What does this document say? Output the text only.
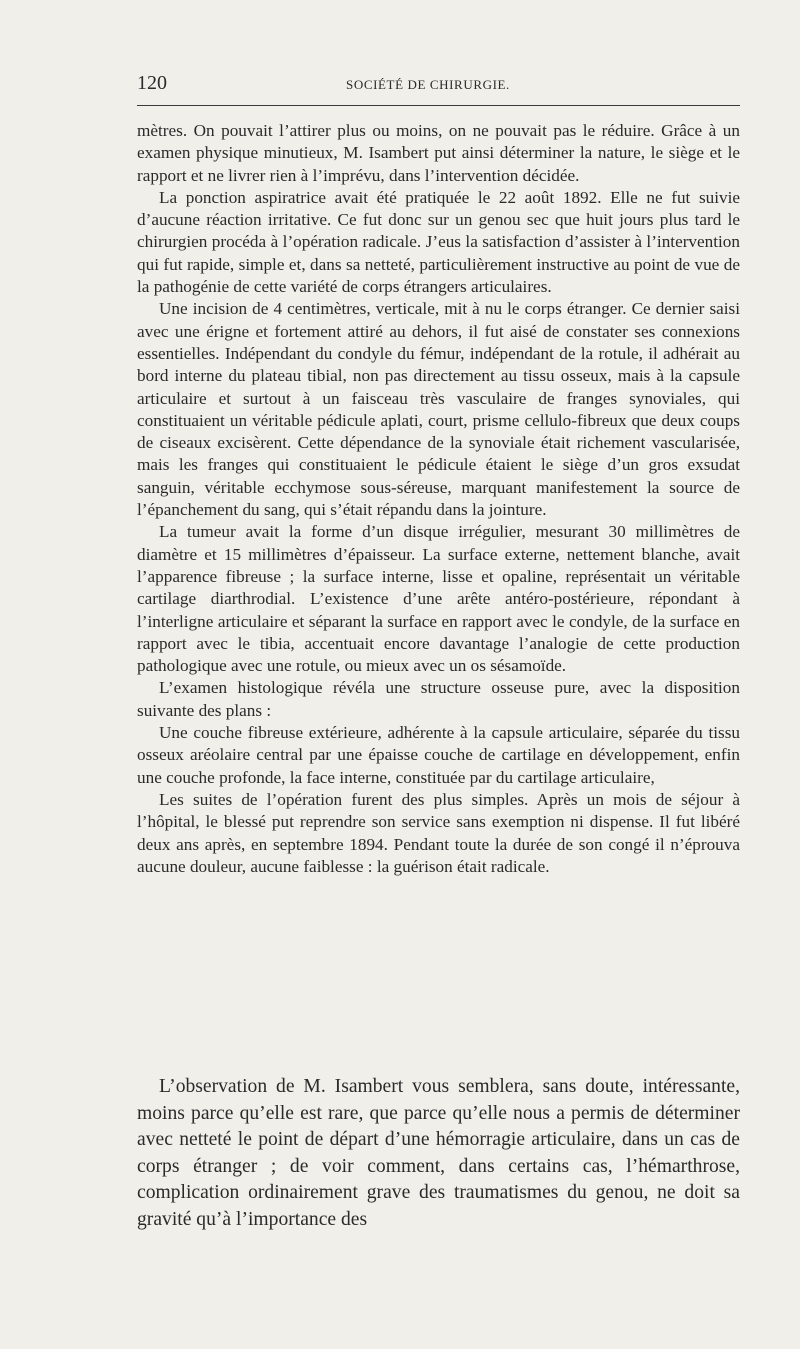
120	SOCIÉTÉ DE CHIRURGIE.

mètres. On pouvait l’attirer plus ou moins, on ne pouvait pas le réduire. Grâce à un examen physique minutieux, M. Isambert put ainsi déterminer la nature, le siège et le rapport et ne livrer rien à l’imprévu, dans l’intervention décidée.

La ponction aspiratrice avait été pratiquée le 22 août 1892. Elle ne fut suivie d’aucune réaction irritative. Ce fut donc sur un genou sec que huit jours plus tard le chirurgien procéda à l’opération radicale. J’eus la satisfaction d’assister à l’intervention qui fut rapide, simple et, dans sa netteté, particulièrement instructive au point de vue de la pathogénie de cette variété de corps étrangers articulaires.

Une incision de 4 centimètres, verticale, mit à nu le corps étranger. Ce dernier saisi avec une érigne et fortement attiré au dehors, il fut aisé de constater ses connexions essentielles. Indépendant du condyle du fémur, indépendant de la rotule, il adhérait au bord interne du plateau tibial, non pas directement au tissu osseux, mais à la capsule articulaire et surtout à un faisceau très vasculaire de franges synoviales, qui constituaient un véritable pédicule aplati, court, prisme cellulo-fibreux que deux coups de ciseaux excisèrent. Cette dépendance de la synoviale était richement vascularisée, mais les franges qui constituaient le pédicule étaient le siège d’un gros exsudat sanguin, véritable ecchymose sous-séreuse, marquant manifestement la source de l’épanchement du sang, qui s’était répandu dans la jointure.

La tumeur avait la forme d’un disque irrégulier, mesurant 30 millimètres de diamètre et 15 millimètres d’épaisseur. La surface externe, nettement blanche, avait l’apparence fibreuse ; la surface interne, lisse et opaline, représentait un véritable cartilage diarthrodial. L’existence d’une arête antéro-postérieure, répondant à l’interligne articulaire et séparant la surface en rapport avec le condyle, de la surface en rapport avec le tibia, accentuait encore davantage l’analogie de cette production pathologique avec une rotule, ou mieux avec un os sésamoïde.

L’examen histologique révéla une structure osseuse pure, avec la disposition suivante des plans :

Une couche fibreuse extérieure, adhérente à la capsule articulaire, séparée du tissu osseux aréolaire central par une épaisse couche de cartilage en développement, enfin une couche profonde, la face interne, constituée par du cartilage articulaire,

Les suites de l’opération furent des plus simples. Après un mois de séjour à l’hôpital, le blessé put reprendre son service sans exemption ni dispense. Il fut libéré deux ans après, en septembre 1894. Pendant toute la durée de son congé il n’éprouva aucune douleur, aucune faiblesse : la guérison était radicale.

L’observation de M. Isambert vous semblera, sans doute, intéressante, moins parce qu’elle est rare, que parce qu’elle nous a permis de déterminer avec netteté le point de départ d’une hémorragie articulaire, dans un cas de corps étranger ; de voir comment, dans certains cas, l’hémarthrose, complication ordinairement grave des traumatismes du genou, ne doit sa gravité qu’à l’importance des
